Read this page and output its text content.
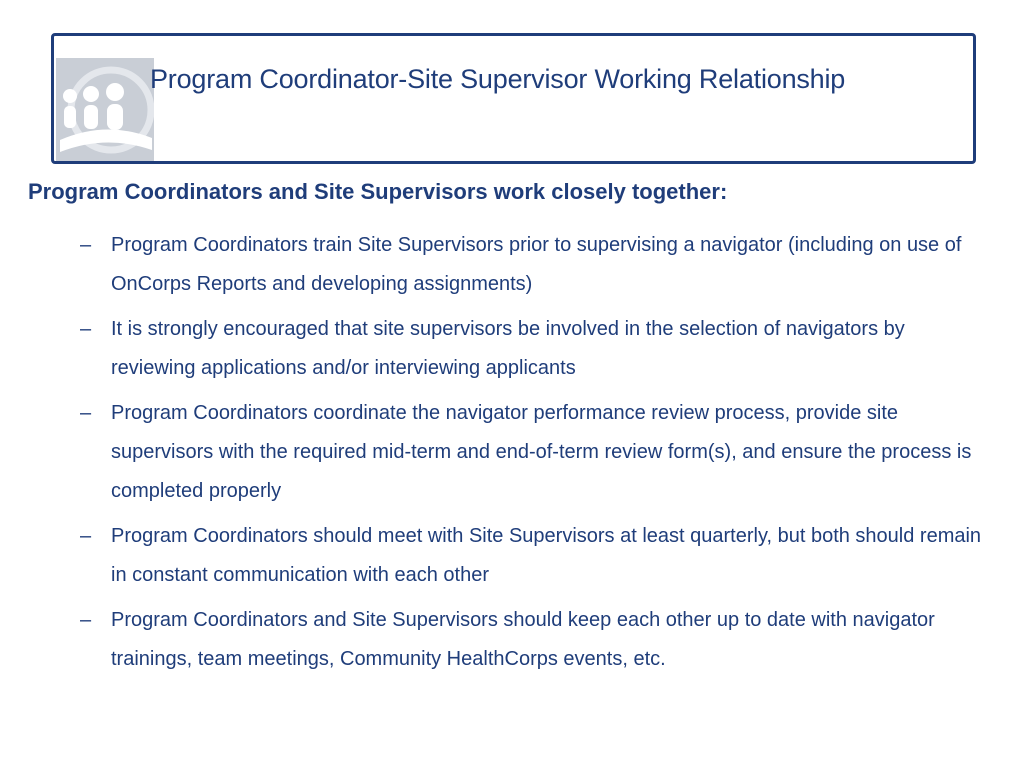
Program Coordinator-Site Supervisor Working Relationship
Program Coordinators and Site Supervisors work closely together:
– Program Coordinators train Site Supervisors prior to supervising a navigator (including on use of OnCorps Reports and developing assignments)
– It is strongly encouraged that site supervisors be involved in the selection of navigators by reviewing applications and/or interviewing applicants
– Program Coordinators coordinate the navigator performance review process, provide site supervisors with the required mid-term and end-of-term review form(s), and ensure the process is completed properly
– Program Coordinators should meet with Site Supervisors at least quarterly, but both should remain in constant communication with each other
– Program Coordinators and Site Supervisors should keep each other up to date with navigator trainings, team meetings, Community HealthCorps events, etc.
